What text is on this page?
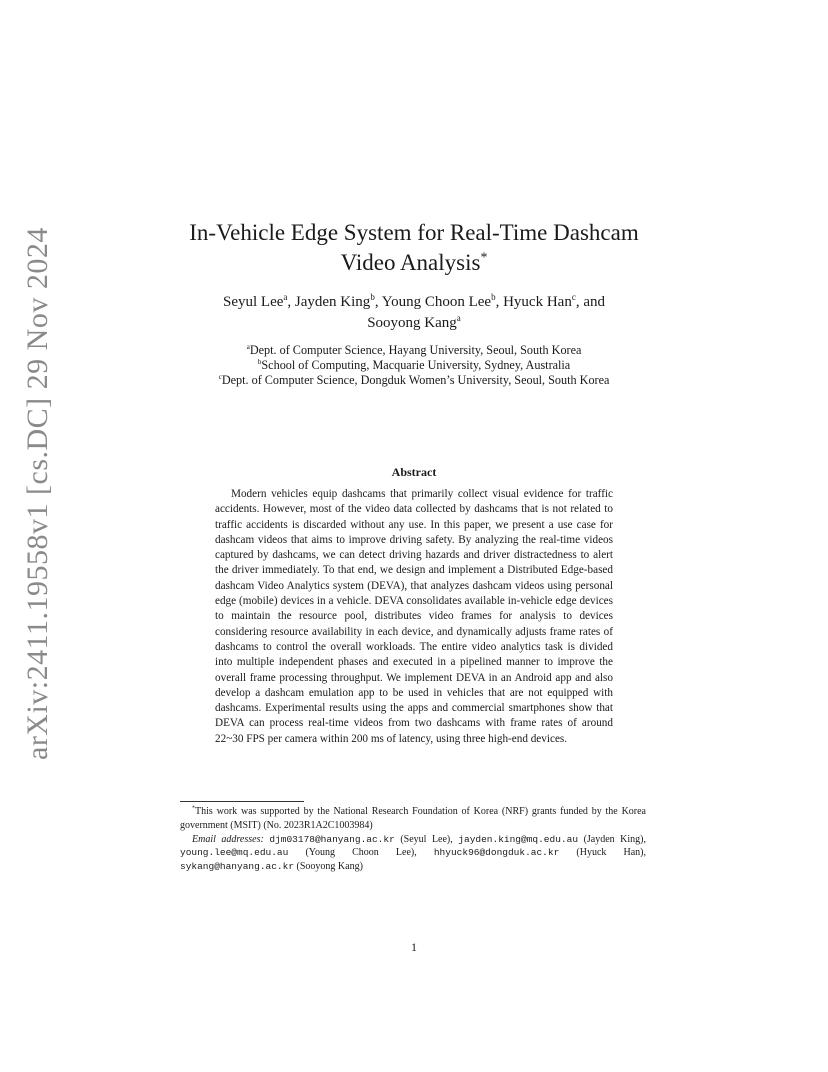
arXiv:2411.19558v1 [cs.DC] 29 Nov 2024	In-Vehicle Edge System for Real-Time Dashcam
Video Analysis*
Seyul Lee$^a$, Jayden King$^b$, Young Choon Lee$^b$, Hyuck Han$^c$, and
Sooyong Kang$^a$
$^a$Dept. of Computer Science, Hayang University, Seoul, South Korea
$^b$School of Computing, Macquarie University, Sydney, Australia
$^c$Dept. of Computer Science, Dongduk Women’s University, Seoul, South Korea
Abstract
Modern vehicles equip dashcams that primarily collect visual evidence for traffic accidents. However, most of the video data collected by dashcams that is not related to traffic accidents is discarded without any use. In this paper, we present a use case for dashcam videos that aims to improve driving safety. By analyzing the real-time videos captured by dashcams, we can detect driving hazards and driver distractedness to alert the driver immediately. To that end, we design and implement a Distributed Edge-based dashcam Video Analytics system (DEVA), that analyzes dashcam videos using personal edge (mobile) devices in a vehicle. DEVA consolidates available in-vehicle edge devices to maintain the resource pool, distributes video frames for analysis to devices considering resource availability in each device, and dynamically adjusts frame rates of dashcams to control the overall workloads. The entire video analytics task is divided into multiple independent phases and executed in a pipelined manner to improve the overall frame processing throughput. We implement DEVA in an Android app and also develop a dashcam emulation app to be used in vehicles that are not equipped with dashcams. Experimental results using the apps and commercial smartphones show that DEVA can process real-time videos from two dashcams with frame rates of around 22~30 FPS per camera within 200 ms of latency, using three high-end devices.

*This work was supported by the National Research Foundation of Korea (NRF) grants funded by the Korea government (MSIT) (No. 2023R1A2C1003984)

Email addresses: djm03178@hanyang.ac.kr (Seyul Lee), jayden.king@mq.edu.au (Jayden King), young.lee@mq.edu.au (Young Choon Lee), hhyuck96@dongduk.ac.kr (Hyuck Han), sykang@hanyang.ac.kr (Sooyong Kang)

1
